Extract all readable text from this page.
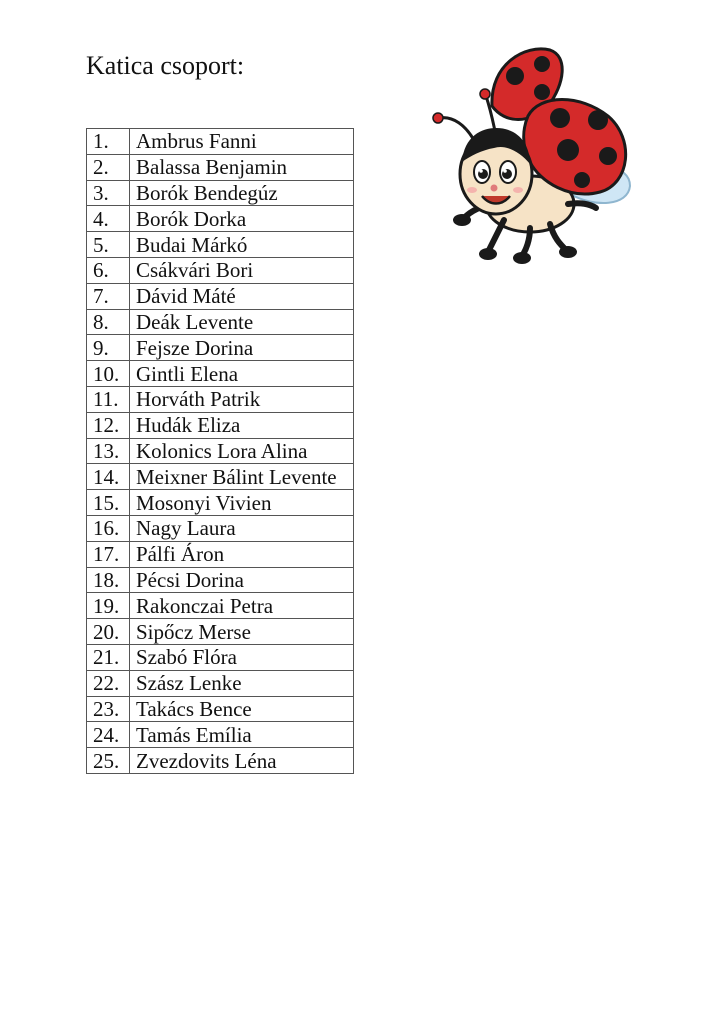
Katica csoport:
1.	Ambrus Fanni
2.	Balassa Benjamin
3.	Borók Bendegúz
4.	Borók Dorka
5.	Budai Márkó
6.	Csákvári Bori
7.	Dávid Máté
8.	Deák Levente
9.	Fejsze Dorina
10.	Gintli Elena
11.	Horváth Patrik
12.	Hudák Eliza
13.	Kolonics Lora Alina
14.	Meixner Bálint Levente
15.	Mosonyi Vivien
16.	Nagy Laura
17.	Pálfi Áron
18.	Pécsi Dorina
19.	Rakonczai Petra
20.	Sipőcz Merse
21.	Szabó Flóra
22.	Szász Lenke
23.	Takács Bence
24.	Tamás Emília
25.	Zvezdovits Léna
